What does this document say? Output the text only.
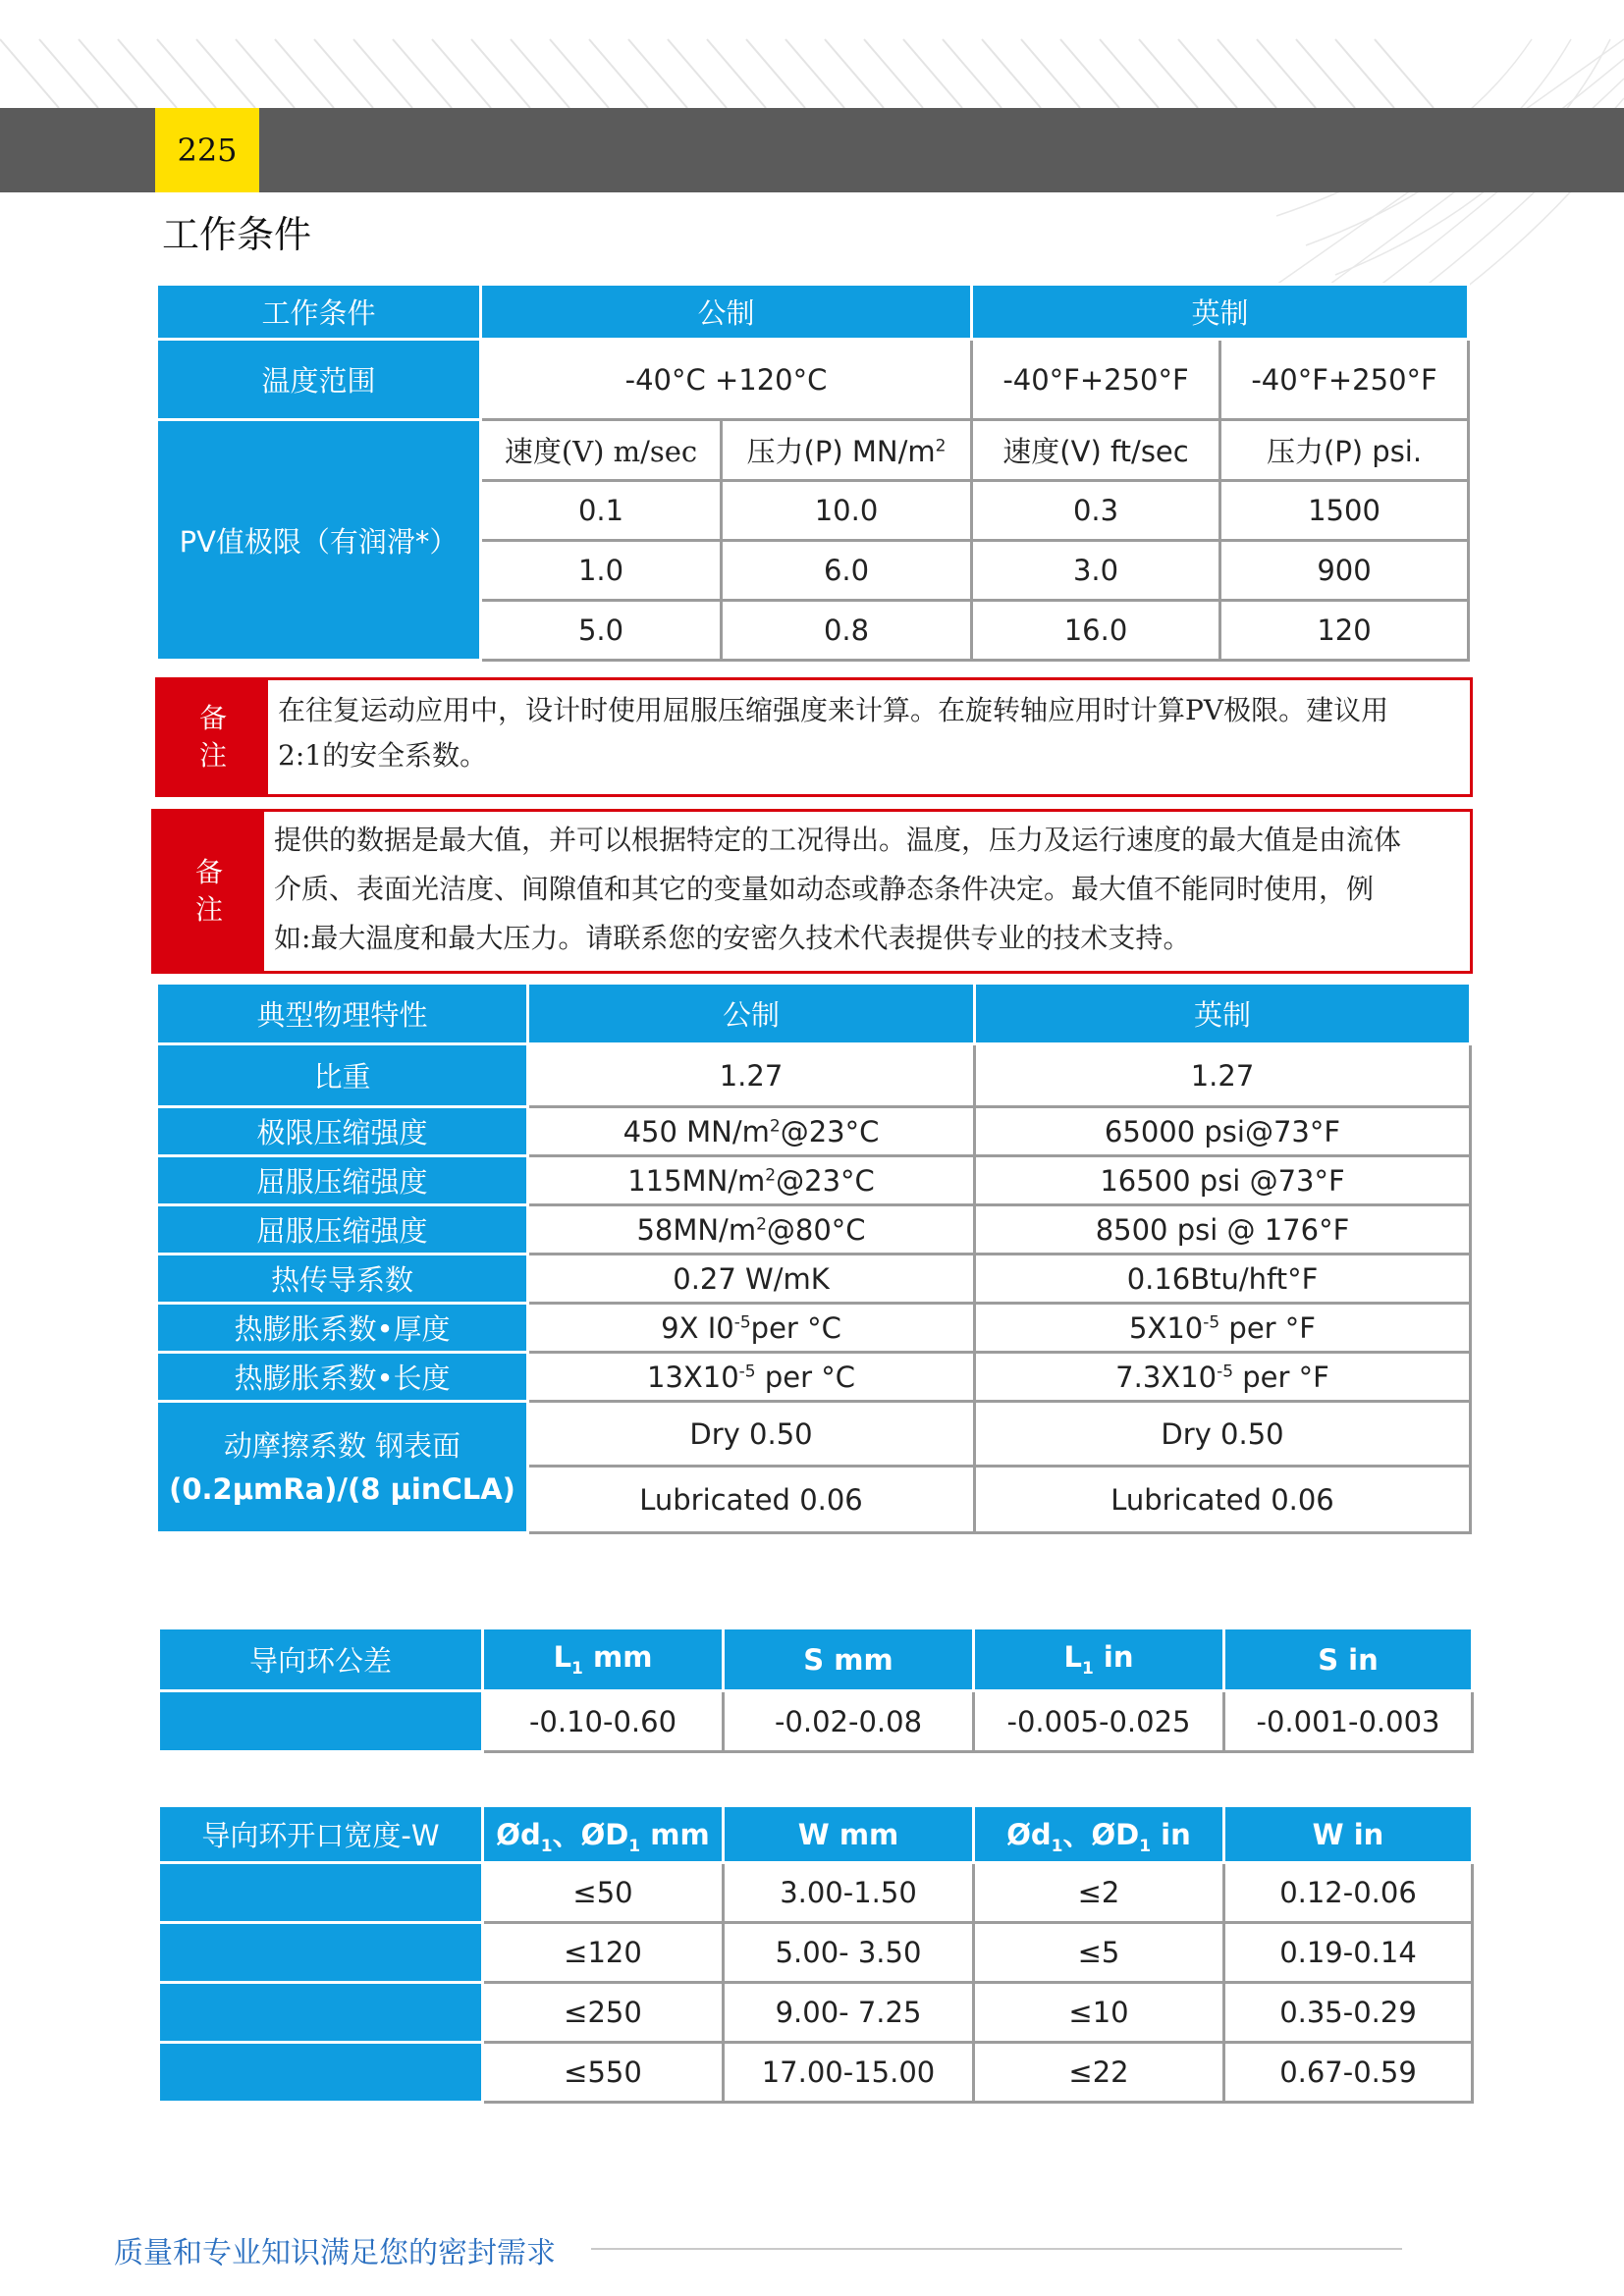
225
工作条件
工作条件	公制		英制	
温度范围	-40°C +120°C		-40°F+250°F	-40°F+250°F
PV值极限（有润滑*）	速度(V) m/sec	压力(P) $MN/m^2$	速度(V) ft/sec	压力(P) psi.
	0.1	10.0	0.3	1500
	1.0	6.0	3.0	900
	5.0	0.8	16.0	120
备
注
在往复运动应用中，设计时使用屈服压缩强度来计算。在旋转轴应用时计算PV极限。建议用
2:1的安全系数。
备
注
提供的数据是最大值，并可以根据特定的工况得出。温度，压力及运行速度的最大值是由流体
介质、表面光洁度、间隙值和其它的变量如动态或静态条件决定。最大值不能同时使用，例
如:最大温度和最大压力。请联系您的安密久技术代表提供专业的技术支持。
典型物理特性	公制	英制
比重	1.27	1.27
极限压缩强度	450 $MN/m^2@23^\circ C$	65000 psi@73°F
屈服压缩强度	$115MN/m^2@23^\circ C$	16500 psi @73°F
屈服压缩强度	$58MN/m^2@80^\circ C$	8500 psi @ 176°F
热传导系数	0.27 W/mK	0.16Btu/hft°F
热膨胀系数•厚度	9X $I0^{-5}per$ °C	$5X10^{-5}$ per °F
热膨胀系数•长度	$13X10^{-5}$ per °C	$7.3X10^{-5}$ per °F

动摩擦系数 钢表面
(0.2μmRa)/(8 μinCLA)	Dry 0.50	Dry 0.50
	Lubricated 0.06	Lubricated 0.06
导向环公差	$L_1$ mm	S mm	$L_1$ in	S in
	-0.10-0.60	-0.02-0.08	-0.005-0.025	-0.001-0.003
导向环开口宽度-W	$Ød_1$、$ØD_1$ mm	W mm	$Ød_1$、$ØD_1$ in	W in
	≤50	3.00-1.50	≤2	0.12-0.06
	≤120	5.00- 3.50	≤5	0.19-0.14
	≤250	9.00- 7.25	≤10	0.35-0.29
	≤550	17.00-15.00	≤22	0.67-0.59
质量和专业知识满足您的密封需求
